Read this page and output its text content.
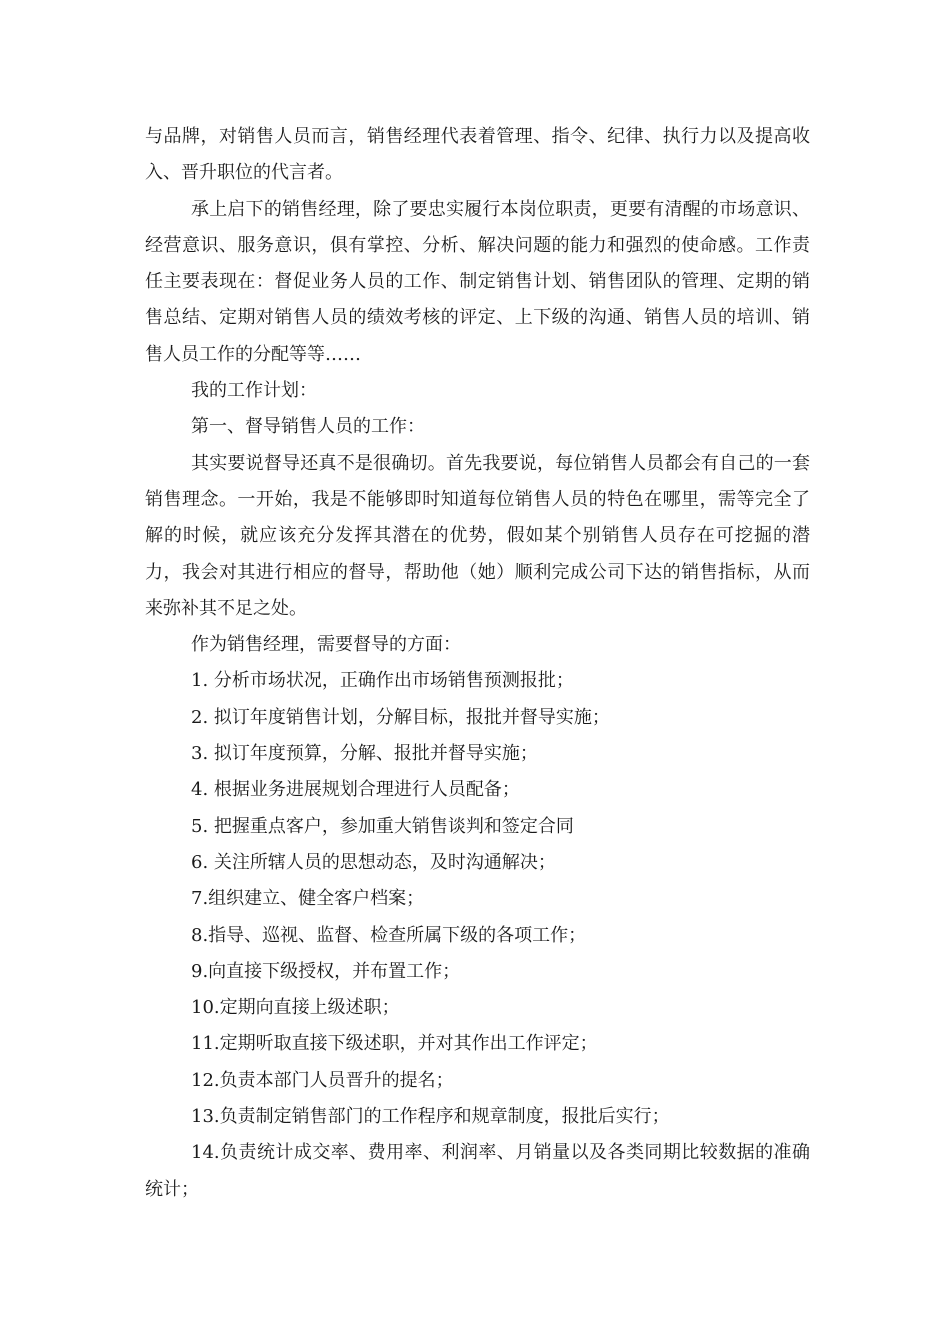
与品牌，对销售人员而言，销售经理代表着管理、指令、纪律、执行力以及提高收入、晋升职位的代言者。

承上启下的销售经理，除了要忠实履行本岗位职责，更要有清醒的市场意识、经营意识、服务意识，俱有掌控、分析、解决问题的能力和强烈的使命感。工作责任主要表现在：督促业务人员的工作、制定销售计划、销售团队的管理、定期的销售总结、定期对销售人员的绩效考核的评定、上下级的沟通、销售人员的培训、销售人员工作的分配等等……

我的工作计划：

第一、督导销售人员的工作：

其实要说督导还真不是很确切。首先我要说，每位销售人员都会有自己的一套销售理念。一开始，我是不能够即时知道每位销售人员的特色在哪里，需等完全了解的时候，就应该充分发挥其潜在的优势，假如某个别销售人员存在可挖掘的潜力，我会对其进行相应的督导，帮助他（她）顺利完成公司下达的销售指标，从而来弥补其不足之处。

作为销售经理，需要督导的方面：

1. 分析市场状况，正确作出市场销售预测报批；

2. 拟订年度销售计划，分解目标，报批并督导实施；

3. 拟订年度预算，分解、报批并督导实施；

4. 根据业务进展规划合理进行人员配备；

5. 把握重点客户，参加重大销售谈判和签定合同

6. 关注所辖人员的思想动态，及时沟通解决；

7.组织建立、健全客户档案；

8.指导、巡视、监督、检查所属下级的各项工作；

9.向直接下级授权，并布置工作；

10.定期向直接上级述职；

11.定期听取直接下级述职，并对其作出工作评定；

12.负责本部门人员晋升的提名；

13.负责制定销售部门的工作程序和规章制度，报批后实行；

14.负责统计成交率、费用率、利润率、月销量以及各类同期比较数据的准确统计；
